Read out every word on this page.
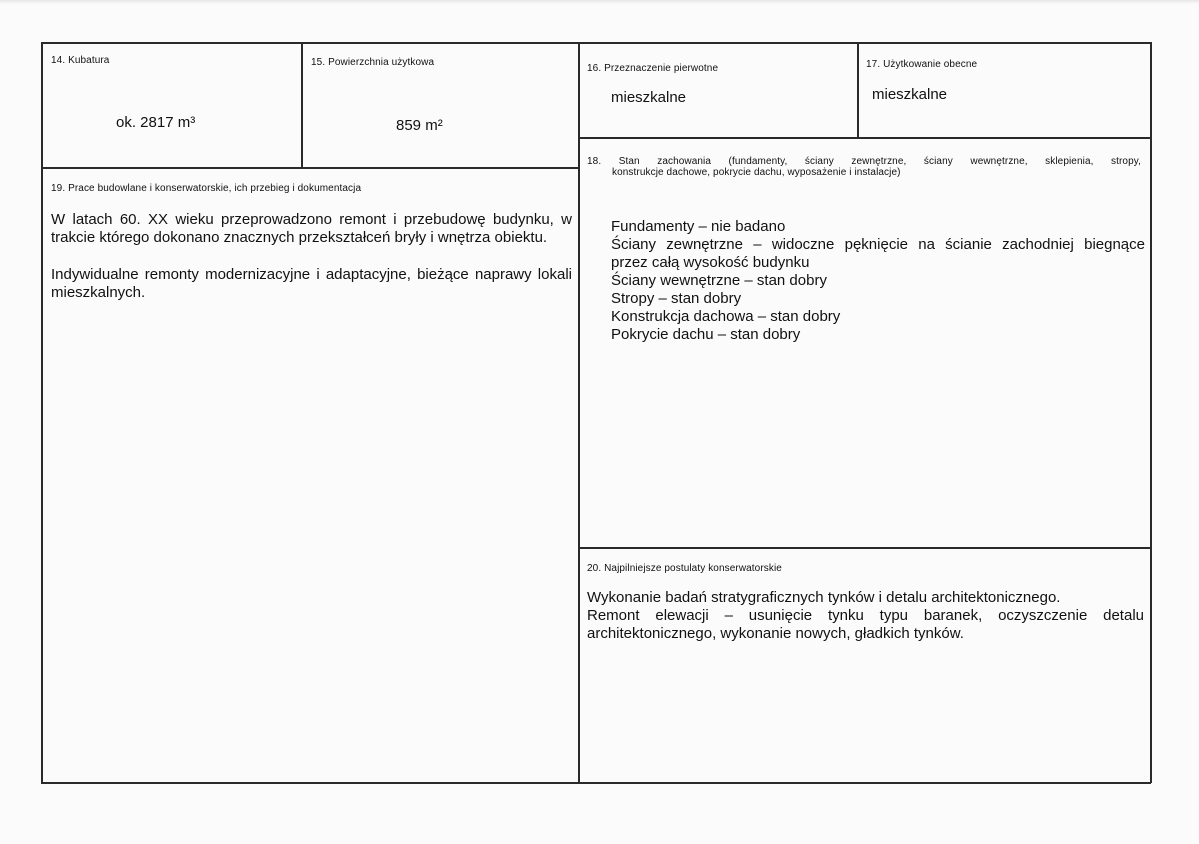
14. Kubatura
ok. 2817 m³
15. Powierzchnia użytkowa
859 m²
16. Przeznaczenie pierwotne
mieszkalne
17. Użytkowanie obecne
mieszkalne
18. Stan zachowania (fundamenty, ściany zewnętrzne, ściany wewnętrzne, sklepienia, stropy,
konstrukcje dachowe, pokrycie dachu, wyposażenie i instalacje)
Fundamenty – nie badano
Ściany zewnętrzne – widoczne pęknięcie na ścianie zachodniej biegnące
przez całą wysokość budynku
Ściany wewnętrzne – stan dobry
Stropy – stan dobry
Konstrukcja dachowa – stan dobry
Pokrycie dachu – stan dobry
19. Prace budowlane i konserwatorskie, ich przebieg i dokumentacja
W latach 60. XX wieku przeprowadzono remont i przebudowę budynku, w trakcie którego dokonano znacznych przekształceń bryły i wnętrza obiektu.
Indywidualne remonty modernizacyjne i adaptacyjne, bieżące naprawy lokali mieszkalnych.
20. Najpilniejsze postulaty konserwatorskie
Wykonanie badań stratygraficznych tynków i detalu architektonicznego.
Remont elewacji – usunięcie tynku typu baranek, oczyszczenie detalu architektonicznego, wykonanie nowych, gładkich tynków.
